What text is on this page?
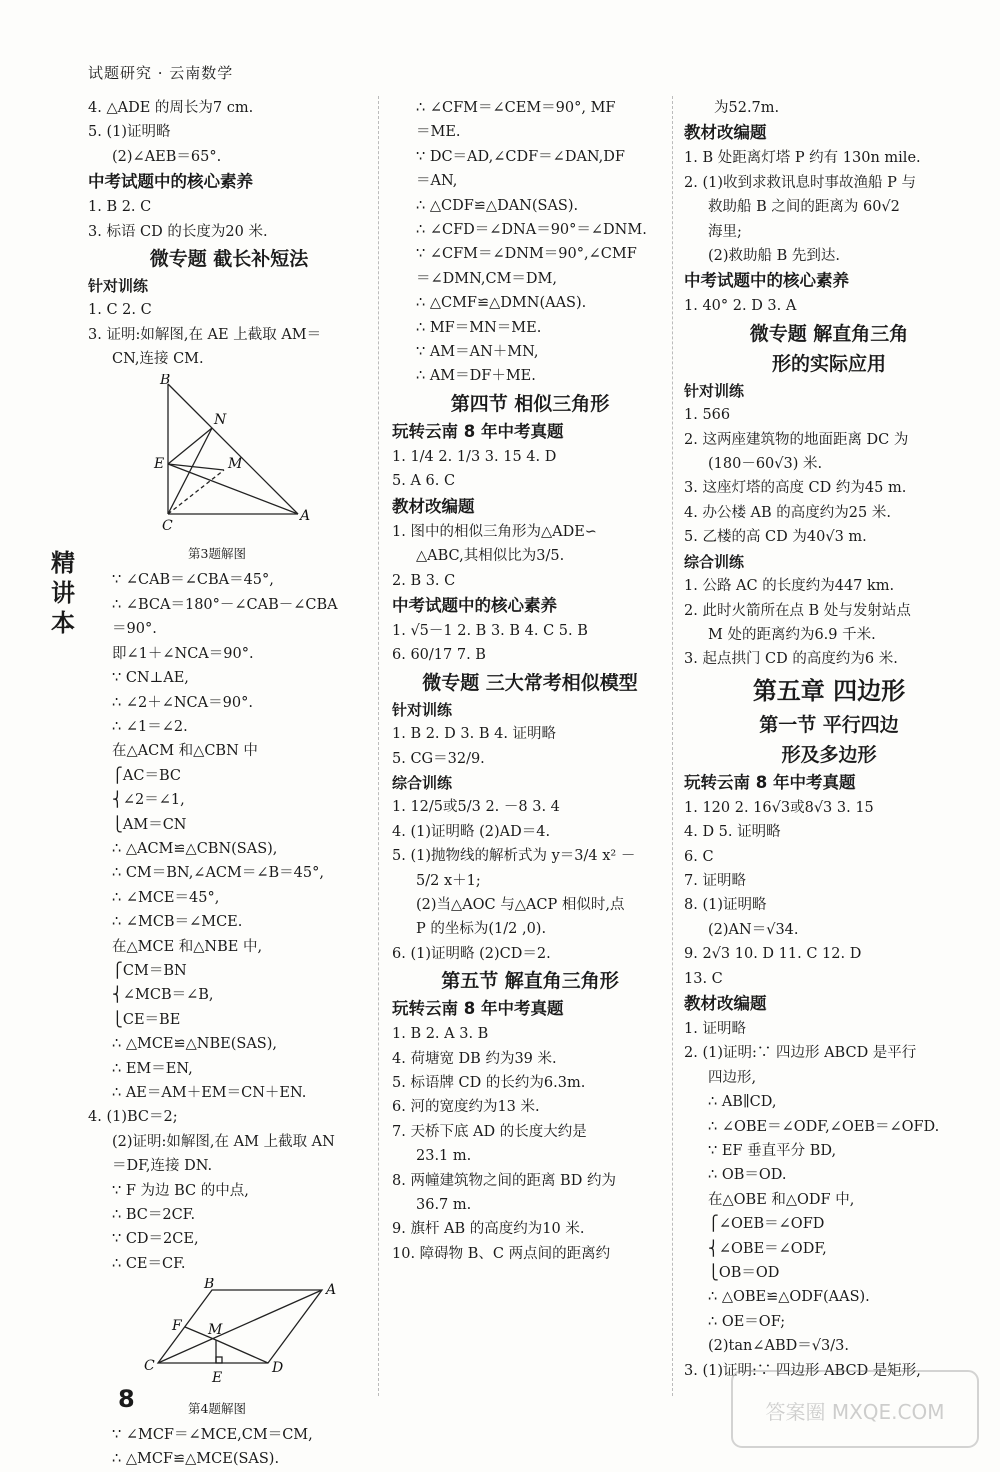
试题研究 · 云南数学

4. △ADE 的周长为7 cm.

5. (1)证明略

(2)∠AEB＝65°.

中考试题中的核心素养

1. B 2. C

3. 标语 CD 的长度为20 米.

微专题 截长补短法

针对训练

1. C 2. C

3. 证明:如解图,在 AE 上截取 AM＝

CN,连接 CM.

B
N
E	M
C
A
第3题解图

∵ ∠CAB＝∠CBA＝45°,

∴ ∠BCA＝180°－∠CAB－∠CBA

＝90°.

即∠1＋∠NCA＝90°.

∵ CN⊥AE,

∴ ∠2＋∠NCA＝90°.

∴ ∠1＝∠2.

在△ACM 和△CBN 中

⎧AC＝BC

⎨∠2＝∠1,

⎩AM＝CN

∴ △ACM≌△CBN(SAS),

∴ CM＝BN,∠ACM＝∠B＝45°,

∴ ∠MCE＝45°,

∴ ∠MCB＝∠MCE.

在△MCE 和△NBE 中,

⎧CM＝BN

⎨∠MCB＝∠B,

⎩CE＝BE

∴ △MCE≌△NBE(SAS),

∴ EM＝EN,

∴ AE＝AM＋EM＝CN＋EN.

4. (1)BC＝2;

(2)证明:如解图,在 AM 上截取 AN

＝DF,连接 DN.

∵ F 为边 BC 的中点,

∴ BC＝2CF.

∵ CD＝2CE,

∴ CE＝CF.

B	A
F M
C
E
D
第4题解图

∵ ∠MCF＝∠MCE,CM＝CM,

∴ △MCF≌△MCE(SAS).

∴ ∠CFM＝∠CEM＝90°, MF

＝ME.

∵ DC＝AD,∠CDF＝∠DAN,DF

＝AN,

∴ △CDF≌△DAN(SAS).

∴ ∠CFD＝∠DNA＝90°＝∠DNM.

∵ ∠CFM＝∠DNM＝90°,∠CMF

＝∠DMN,CM＝DM,

∴ △CMF≌△DMN(AAS).

∴ MF＝MN＝ME.

∵ AM＝AN＋MN,

∴ AM＝DF＋ME.

第四节 相似三角形

玩转云南 8 年中考真题

1. 1/4 2. 1/3 3. 15 4. D

5. A 6. C

教材改编题

1. 图中的相似三角形为△ADE∽

△ABC,其相似比为3/5.

2. B 3. C

中考试题中的核心素养

1. √5－1 2. B 3. B 4. C 5. B

6. 60/17 7. B

微专题 三大常考相似模型

针对训练

1. B 2. D 3. B 4. 证明略

5. CG＝32/9.

综合训练

1. 12/5或5/3 2. －8 3. 4

4. (1)证明略 (2)AD＝4.

5. (1)抛物线的解析式为 y＝3/4 x² －

5/2 x＋1;

(2)当△AOC 与△ACP 相似时,点

P 的坐标为(1/2 ,0).

6. (1)证明略 (2)CD＝2.

第五节 解直角三角形

玩转云南 8 年中考真题

1. B 2. A 3. B

4. 荷塘宽 DB 约为39 米.

5. 标语牌 CD 的长约为6.3m.

6. 河的宽度约为13 米.

7. 天桥下底 AD 的长度大约是

23.1 m.

8. 两幢建筑物之间的距离 BD 约为

36.7 m.

9. 旗杆 AB 的高度约为10 米.

10. 障碍物 B、C 两点间的距离约

为52.7m.

教材改编题

1. B 处距离灯塔 P 约有 130n mile.

2. (1)收到求救讯息时事故渔船 P 与

救助船 B 之间的距离为 60√2

海里;

(2)救助船 B 先到达.

中考试题中的核心素养

1. 40° 2. D 3. A

微专题 解直角三角

形的实际应用

针对训练

1. 566

2. 这两座建筑物的地面距离 DC 为

(180－60√3) 米.

3. 这座灯塔的高度 CD 约为45 m.

4. 办公楼 AB 的高度约为25 米.

5. 乙楼的高 CD 为40√3 m.

综合训练

1. 公路 AC 的长度约为447 km.

2. 此时火箭所在点 B 处与发射站点

M 处的距离约为6.9 千米.

3. 起点拱门 CD 的高度约为6 米.

第五章 四边形

第一节 平行四边

形及多边形

玩转云南 8 年中考真题

1. 120 2. 16√3或8√3 3. 15

4. D 5. 证明略

6. C

7. 证明略

8. (1)证明略

(2)AN＝√34.

9. 2√3 10. D 11. C 12. D

13. C

教材改编题

1. 证明略

2. (1)证明:∵ 四边形 ABCD 是平行

四边形,

∴ AB∥CD,

∴ ∠OBE＝∠ODF,∠OEB＝∠OFD.

∵ EF 垂直平分 BD,

∴ OB＝OD.

在△OBE 和△ODF 中,

⎧∠OEB＝∠OFD

⎨∠OBE＝∠ODF,

⎩OB＝OD

∴ △OBE≌△ODF(AAS).

∴ OE＝OF;

(2)tan∠ABD＝√3/3.

3. (1)证明:∵ 四边形 ABCD 是矩形,

精讲本
8	答案圈 MXQE.COM
